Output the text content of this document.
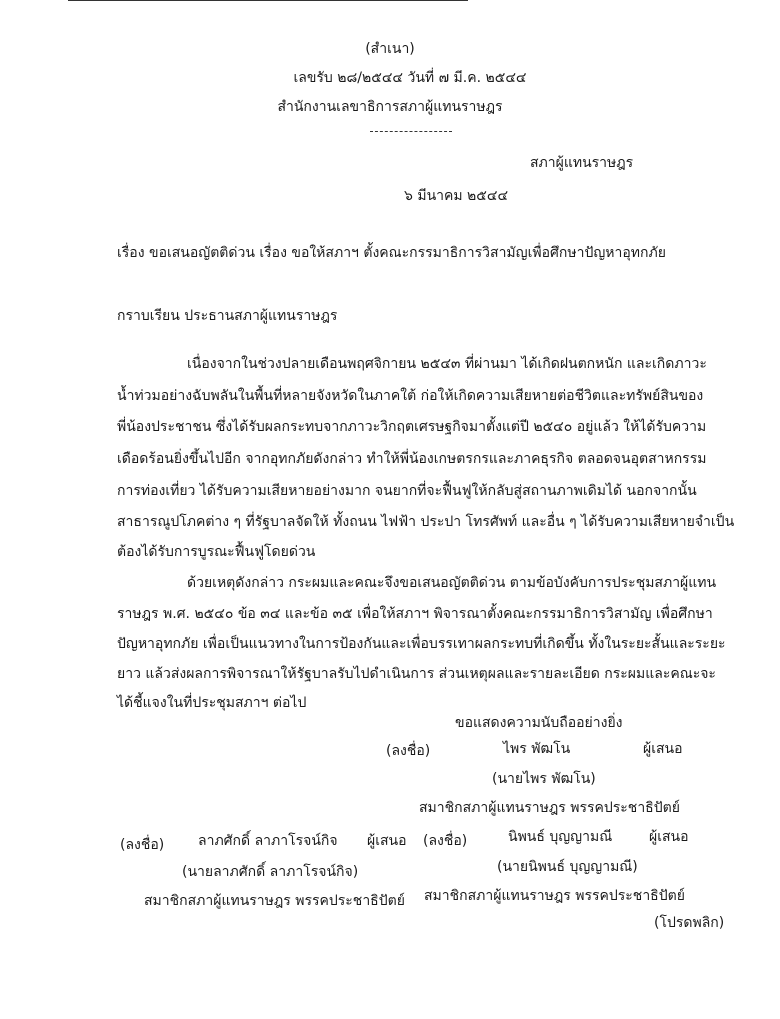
(สำเนา)
เลขรับ ๒๘/๒๕๔๔ วันที่ ๗ มี.ค. ๒๕๔๔
สำนักงานเลขาธิการสภาผู้แทนราษฎร
สภาผู้แทนราษฎร
๖ มีนาคม ๒๕๔๔
เรื่อง ขอเสนอญัตติด่วน เรื่อง ขอให้สภาฯ ตั้งคณะกรรมาธิการวิสามัญเพื่อศึกษาปัญหาอุทกภัย
กราบเรียน ประธานสภาผู้แทนราษฎร
เนื่องจากในช่วงปลายเดือนพฤศจิกายน ๒๕๔๓ ที่ผ่านมา ได้เกิดฝนตกหนัก และเกิดภาวะ
น้ำท่วมอย่างฉับพลันในพื้นที่หลายจังหวัดในภาคใต้ ก่อให้เกิดความเสียหายต่อชีวิตและทรัพย์สินของ
พี่น้องประชาชน ซึ่งได้รับผลกระทบจากภาวะวิกฤตเศรษฐกิจมาตั้งแต่ปี ๒๕๔๐ อยู่แล้ว ให้ได้รับความ
เดือดร้อนยิ่งขึ้นไปอีก จากอุทกภัยดังกล่าว ทำให้พี่น้องเกษตรกรและภาคธุรกิจ ตลอดจนอุตสาหกรรม
การท่องเที่ยว ได้รับความเสียหายอย่างมาก จนยากที่จะฟื้นฟูให้กลับสู่สถานภาพเดิมได้ นอกจากนั้น
สาธารณูปโภคต่าง ๆ ที่รัฐบาลจัดให้ ทั้งถนน ไฟฟ้า ประปา โทรศัพท์ และอื่น ๆ ได้รับความเสียหายจำเป็น
ต้องได้รับการบูรณะฟื้นฟูโดยด่วน
ด้วยเหตุดังกล่าว กระผมและคณะจึงขอเสนอญัตติด่วน ตามข้อบังคับการประชุมสภาผู้แทน
ราษฎร พ.ศ. ๒๕๔๐ ข้อ ๓๔ และข้อ ๓๕ เพื่อให้สภาฯ พิจารณาตั้งคณะกรรมาธิการวิสามัญ เพื่อศึกษา
ปัญหาอุทกภัย เพื่อเป็นแนวทางในการป้องกันและเพื่อบรรเทาผลกระทบที่เกิดขึ้น ทั้งในระยะสั้นและระยะ
ยาว แล้วส่งผลการพิจารณาให้รัฐบาลรับไปดำเนินการ ส่วนเหตุผลและรายละเอียด กระผมและคณะจะ
ได้ชี้แจงในที่ประชุมสภาฯ ต่อไป
ขอแสดงความนับถืออย่างยิ่ง
(ลงชื่อ)	ไพร พัฒโน	ผู้เสนอ
(นายไพร พัฒโน)
สมาชิกสภาผู้แทนราษฎร พรรคประชาธิปัตย์
(ลงชื่อ) ลาภศักดิ์ ลาภาโรจน์กิจ ผู้เสนอ (ลงชื่อ)	นิพนธ์ บุญญามณี	ผู้เสนอ
(นายลาภศักดิ์ ลาภาโรจน์กิจ)	(นายนิพนธ์ บุญญามณี)
สมาชิกสภาผู้แทนราษฎร พรรคประชาธิปัตย์ สมาชิกสภาผู้แทนราษฎร พรรคประชาธิปัตย์
(โปรดพลิก)
